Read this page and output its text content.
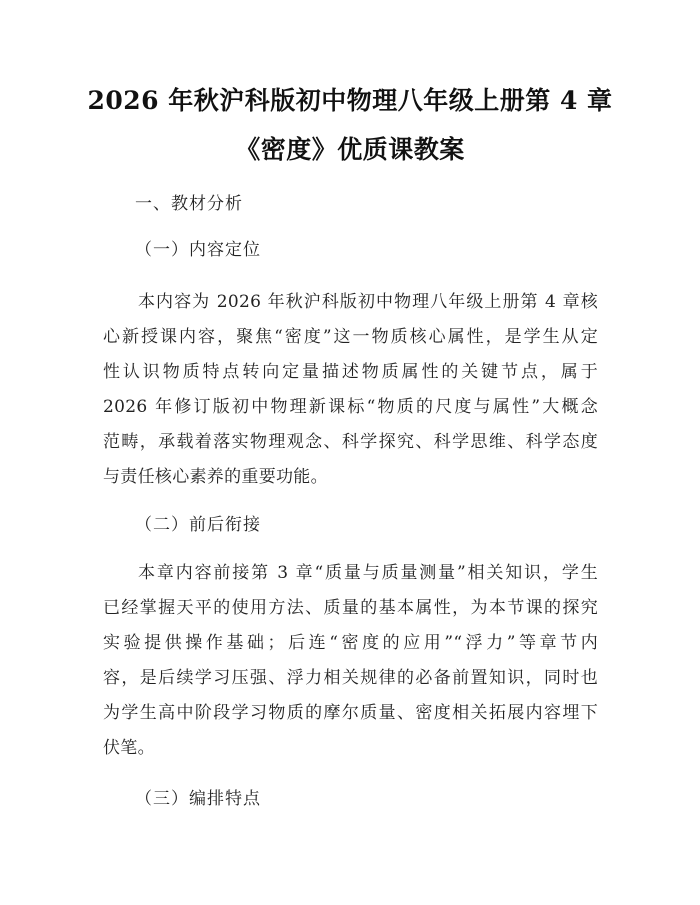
2026 年秋沪科版初中物理八年级上册第 4 章
《密度》优质课教案
一、教材分析
（一）内容定位
本内容为 2026 年秋沪科版初中物理八年级上册第 4 章核
心新授课内容，聚焦“密度”这一物质核心属性，是学生从定
性认识物质特点转向定量描述物质属性的关键节点，属于
2026 年修订版初中物理新课标“物质的尺度与属性”大概念
范畴，承载着落实物理观念、科学探究、科学思维、科学态度
与责任核心素养的重要功能。
（二）前后衔接
本章内容前接第 3 章“质量与质量测量”相关知识，学生
已经掌握天平的使用方法、质量的基本属性，为本节课的探究
实验提供操作基础；后连“密度的应用”“浮力”等章节内
容，是后续学习压强、浮力相关规律的必备前置知识，同时也
为学生高中阶段学习物质的摩尔质量、密度相关拓展内容埋下
伏笔。
（三）编排特点
